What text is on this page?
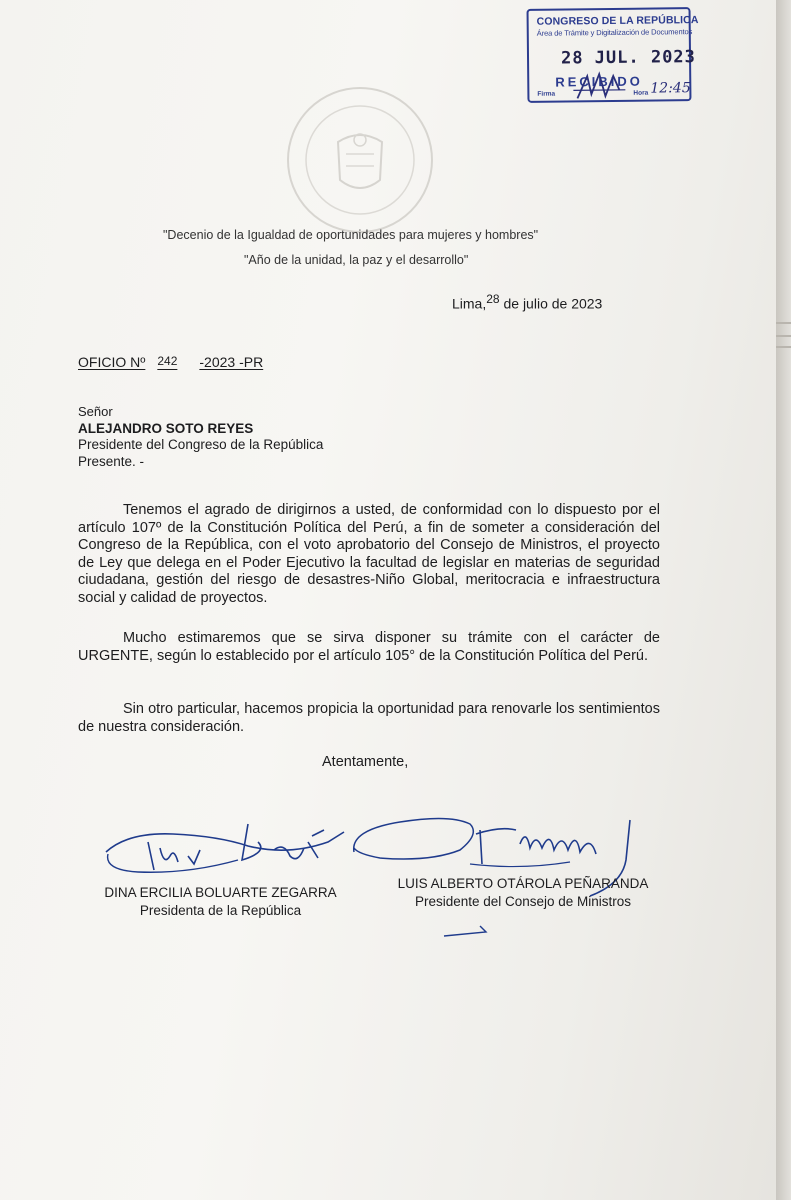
CONGRESO DE LA REPÚBLICA
Área de Trámite y Digitalización de Documentos
28 JUL. 2023
RECIBIDO
Firma	Hora 12:45

"Decenio de la Igualdad de oportunidades para mujeres y hombres"

"Año de la unidad, la paz y el desarrollo"

Lima,$^{28}$ de julio de 2023
OFICIO Nº 242 -2023 -PR
Señor
ALEJANDRO SOTO REYES
Presidente del Congreso de la República
Presente. -

Tenemos el agrado de dirigirnos a usted, de conformidad con lo dispuesto por el artículo 107º de la Constitución Política del Perú, a fin de someter a consideración del Congreso de la República, con el voto aprobatorio del Consejo de Ministros, el proyecto de Ley que delega en el Poder Ejecutivo la facultad de legislar en materias de seguridad ciudadana, gestión del riesgo de desastres-Niño Global, meritocracia e infraestructura social y calidad de proyectos.

Mucho estimaremos que se sirva disponer su trámite con el carácter de URGENTE, según lo establecido por el artículo 105° de la Constitución Política del Perú.

Sin otro particular, hacemos propicia la oportunidad para renovarle los sentimientos de nuestra consideración.

Atentamente,

DINA ERCILIA BOLUARTE ZEGARRA
Presidenta de la República
LUIS ALBERTO OTÁROLA PEÑARANDA
Presidente del Consejo de Ministros
